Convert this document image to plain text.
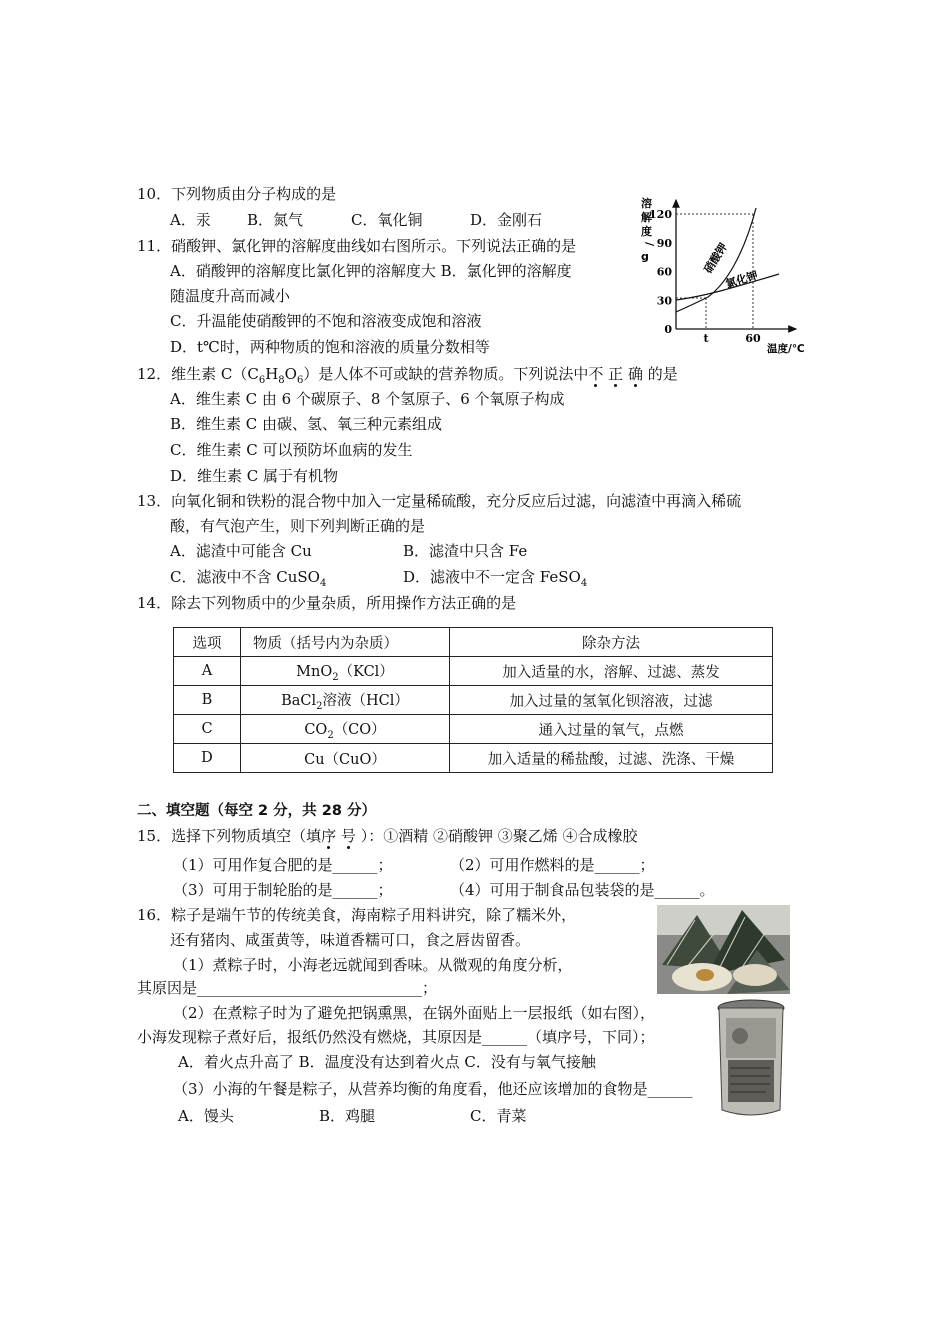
10．下列物质由分子构成的是
A．汞 B．氮气	C．氧化铜	D．金刚石
11．硝酸钾、氯化钾的溶解度曲线如右图所示。下列说法正确的是
A．硝酸钾的溶解度比氯化钾的溶解度大 B．氯化钾的溶解度
随温度升高而减小
C．升温能使硝酸钾的不饱和溶液变成饱和溶液
D．t℃时，两种物质的饱和溶液的质量分数相等
溶
解
度
/
g
0
30
60
90
120
t	60
硝酸钾
氯化钾
温度/℃
12．维生素 $C(C_6H_8O_6)$是人体不可或缺的营养物质。下列说法中不 正 确 的是
A．维生素 C 由 6 个碳原子、8 个氢原子、6 个氧原子构成
B．维生素 C 由碳、氢、氧三种元素组成
C．维生素 C 可以预防坏血病的发生
D．维生素 C 属于有机物
13．向氧化铜和铁粉的混合物中加入一定量稀硫酸，充分反应后过滤，向滤渣中再滴入稀硫
酸，有气泡产生，则下列判断正确的是
A．滤渣中可能含 Cu	B．滤渣中只含 Fe
C．滤液中不含 CuSO$_4$	D．滤液中不一定含 FeSO$_4$
14．除去下列物质中的少量杂质，所用操作方法正确的是
选项	物质（括号内为杂质）	除杂方法
A	MnO$_2$（KCl）	加入适量的水，溶解、过滤、蒸发
B	BaCl$_2$溶液（HCl）	加入过量的氢氧化钡溶液，过滤
C	$CO_2(CO)$	通入过量的氧气，点燃
D	Cu（CuO）	加入适量的稀盐酸，过滤、洗涤、干燥
二、填空题（每空 2 分，共 28 分）
15．选择下列物质填空（填序 号 ）：①酒精 ②硝酸钾 ③聚乙烯 ④合成橡胶
（1）可用作复合肥的是______；	（2）可用作燃料的是______；
（3）可用于制轮胎的是______；	（4）可用于制食品包装袋的是______。
16．粽子是端午节的传统美食，海南粽子用料讲究，除了糯米外，
还有猪肉、咸蛋黄等，味道香糯可口，食之唇齿留香。
（1）煮粽子时，小海老远就闻到香味。从微观的角度分析，
其原因是______________________________；
（2）在煮粽子时为了避免把锅熏黑，在锅外面贴上一层报纸（如右图），
小海发现粽子煮好后，报纸仍然没有燃烧，其原因是______（填序号，下同）；
A．着火点升高了 B．温度没有达到着火点 C．没有与氧气接触
（3）小海的午餐是粽子，从营养均衡的角度看，他还应该增加的食物是______
A．馒头	B．鸡腿	C．青菜
